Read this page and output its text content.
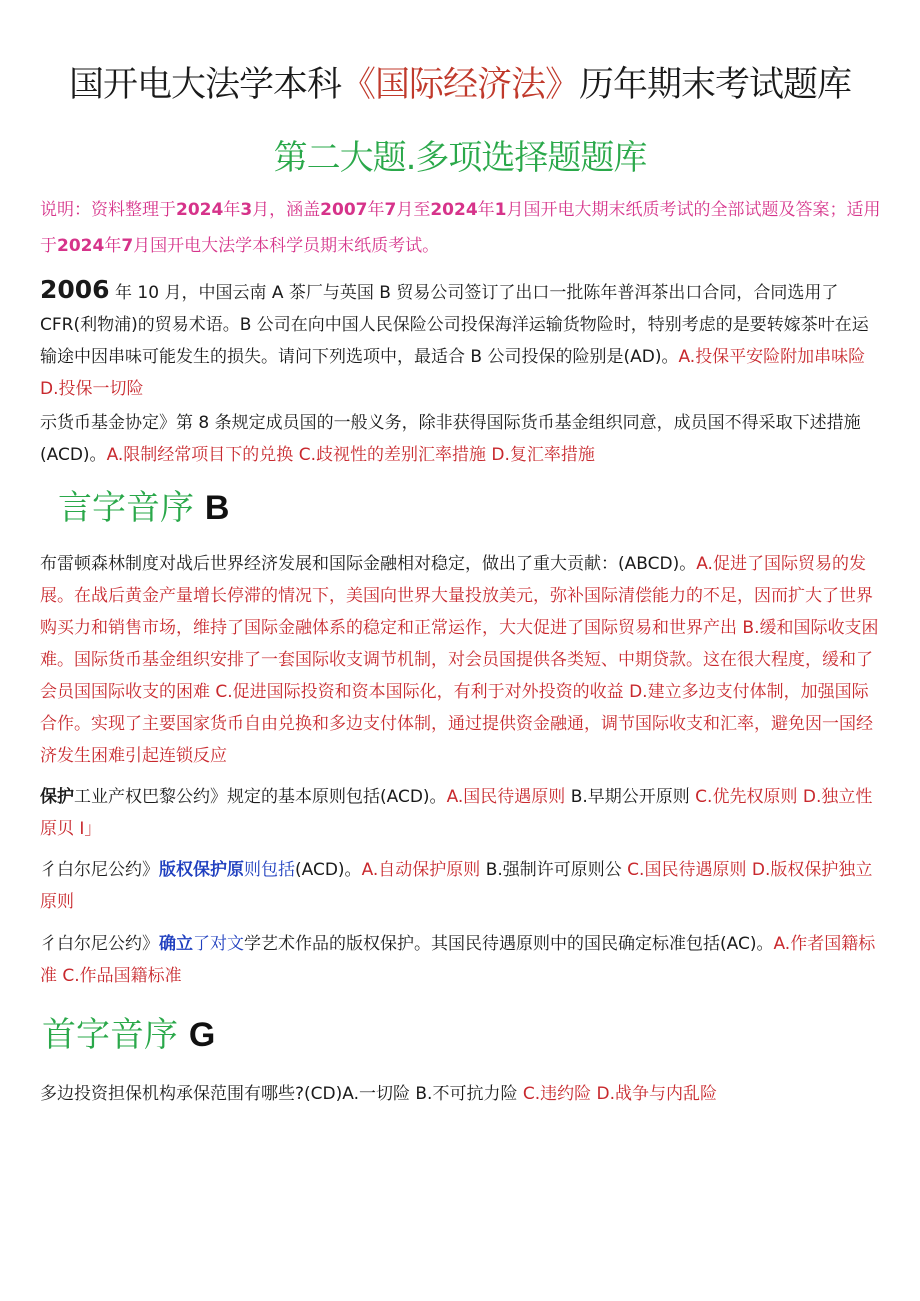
国开电大法学本科《国际经济法》历年期末考试题库
第二大题.多项选择题题库
说明：资料整理于2024年3月，涵盖2007年7月至2024年1月国开电大期末纸质考试的全部试题及答案；适用于2024年7月国开电大法学本科学员期末纸质考试。
2006 年 10 月，中国云南 A 茶厂与英国 B 贸易公司签订了出口一批陈年普洱茶出口合同，合同选用了 CFR(利物浦)的贸易术语。B 公司在向中国人民保险公司投保海洋运输货物险时，特别考虑的是要转嫁茶叶在运输途中因串味可能发生的损失。请问下列选项中，最适合 B 公司投保的险别是(AD)。A.投保平安险附加串味险 D.投保一切险
示货币基金协定》第 8 条规定成员国的一般义务，除非获得国际货币基金组织同意，成员国不得采取下述措施(ACD)。A.限制经常项目下的兑换 C.歧视性的差别汇率措施 D.复汇率措施
言字音序 B
布雷顿森林制度对战后世界经济发展和国际金融相对稳定，做出了重大贡献：(ABCD)。A.促进了国际贸易的发展。在战后黄金产量增长停滞的情况下，美国向世界大量投放美元，弥补国际清偿能力的不足，因而扩大了世界购买力和销售市场，维持了国际金融体系的稳定和正常运作，大大促进了国际贸易和世界产出 B.缓和国际收支困难。国际货币基金组织安排了一套国际收支调节机制，对会员国提供各类短、中期贷款。这在很大程度，缓和了会员国国际收支的困难 C.促进国际投资和资本国际化，有利于对外投资的收益 D.建立多边支付体制，加强国际合作。实现了主要国家货币自由兑换和多边支付体制，通过提供资金融通，调节国际收支和汇率，避免因一国经济发生困难引起连锁反应
保护工业产权巴黎公约》规定的基本原则包括(ACD)。A.国民待遇原则 B.早期公开原则 C.优先权原则 D.独立性原贝 I」
彳白尔尼公约》版权保护原则包括(ACD)。A.自动保护原则 B.强制许可原则公 C.国民待遇原则 D.版权保护独立原则
彳白尔尼公约》确立了对文学艺术作品的版权保护。其国民待遇原则中的国民确定标准包括(AC)。A.作者国籍标准 C.作品国籍标准
首字音序 G
多边投资担保机构承保范围有哪些?(CD)A.一切险 B.不可抗力险 C.违约险 D.战争与内乱险
